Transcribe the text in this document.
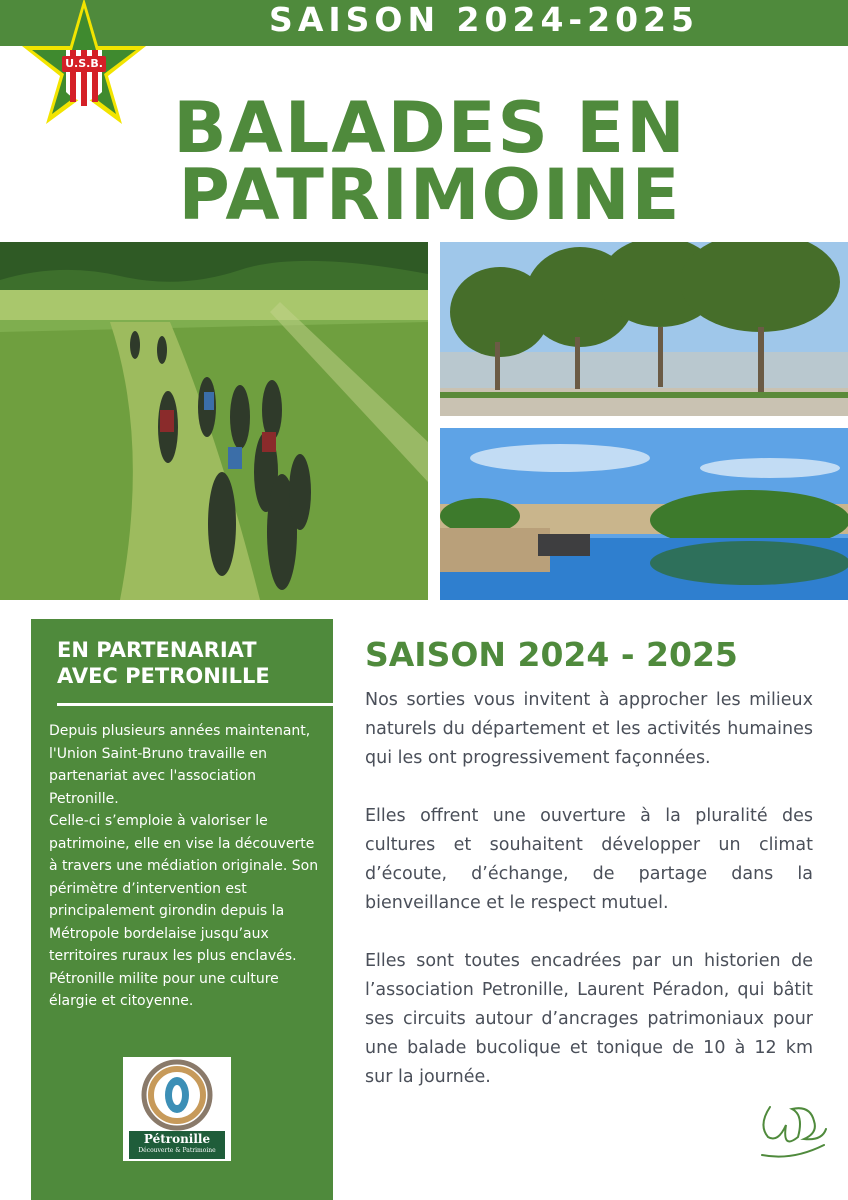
SAISON 2024-2025
U.S.B.
BALADES EN
PATRIMOINE
EN PARTENARIAT AVEC PETRONILLE

Depuis plusieurs années maintenant, l'Union Saint-Bruno travaille en partenariat avec l'association Petronille.

Celle-ci s’emploie à valoriser le patrimoine, elle en vise la découverte à travers une médiation originale. Son périmètre d’intervention est principalement girondin depuis la Métropole bordelaise jusqu’aux territoires ruraux les plus enclavés. Pétronille milite pour une culture élargie et citoyenne.

Pétronille
Découverte & Patrimoine
SAISON 2024 - 2025

Nos sorties vous invitent à approcher les milieux naturels du département et les activités humaines qui les ont progressivement façonnées.

Elles offrent une ouverture à la pluralité des cultures et souhaitent développer un climat d’écoute, d’échange, de partage dans la bienveillance et le respect mutuel.

Elles sont toutes encadrées par un historien de l’association Petronille, Laurent Péradon, qui bâtit ses circuits autour d’ancrages patrimoniaux pour une balade bucolique et tonique de 10 à 12 km sur la journée.
